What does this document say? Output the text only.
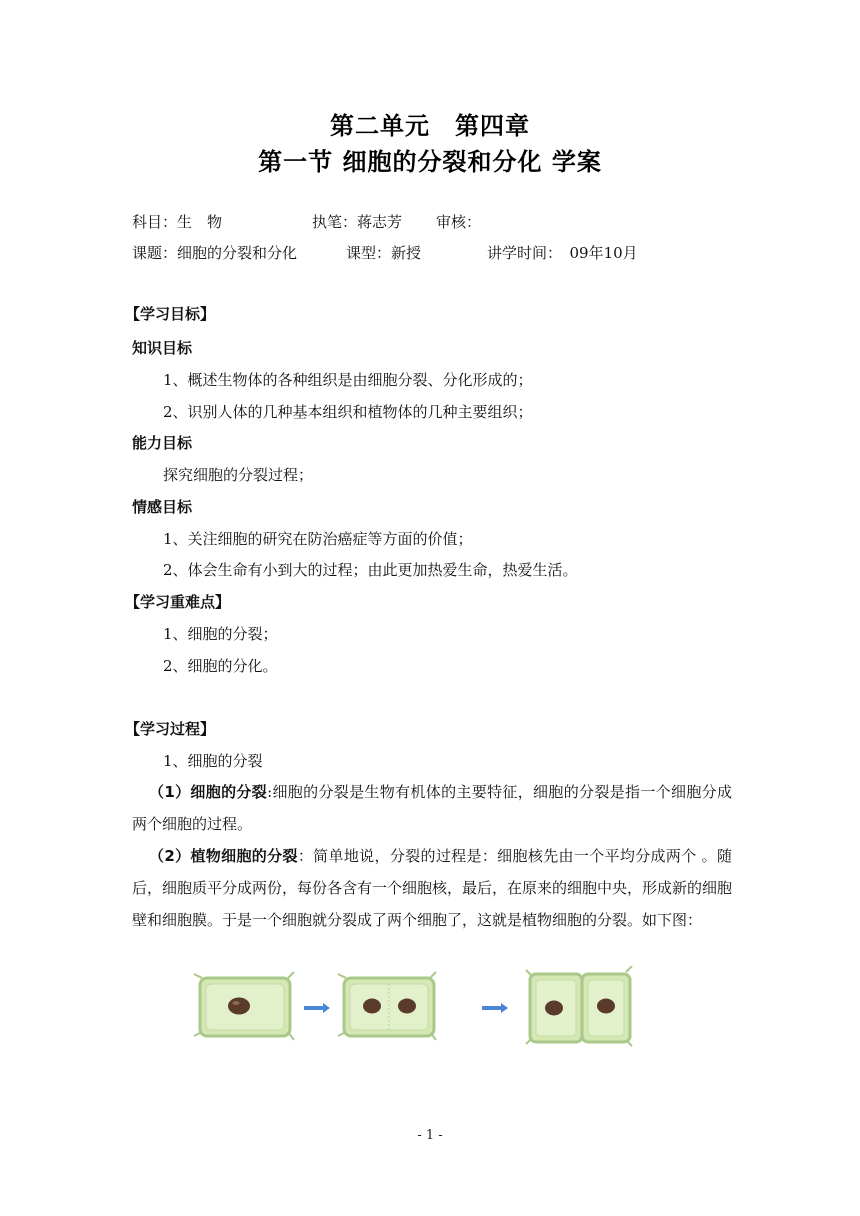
第二单元　第四章
第一节 细胞的分裂和分化 学案
科目：生　物	执笔：蒋志芳 审核：
课题：细胞的分裂和分化	课型：新授	讲学时间：　09年10月
【学习目标】
知识目标
1、概述生物体的各种组织是由细胞分裂、分化形成的；
2、识别人体的几种基本组织和植物体的几种主要组织；
能力目标
探究细胞的分裂过程；
情感目标
1、关注细胞的研究在防治癌症等方面的价值；
2、体会生命有小到大的过程；由此更加热爱生命，热爱生活。
【学习重难点】
1、细胞的分裂；
2、细胞的分化。
【学习过程】
1、细胞的分裂
（1）细胞的分裂:细胞的分裂是生物有机体的主要特征，细胞的分裂是指一个细胞分成两个细胞的过程。
（2）植物细胞的分裂：简单地说，分裂的过程是：细胞核先由一个平均分成两个 。随后，细胞质平分成两份，每份各含有一个细胞核，最后，在原来的细胞中央，形成新的细胞壁和细胞膜。于是一个细胞就分裂成了两个细胞了，这就是植物细胞的分裂。如下图：
- 1 -
